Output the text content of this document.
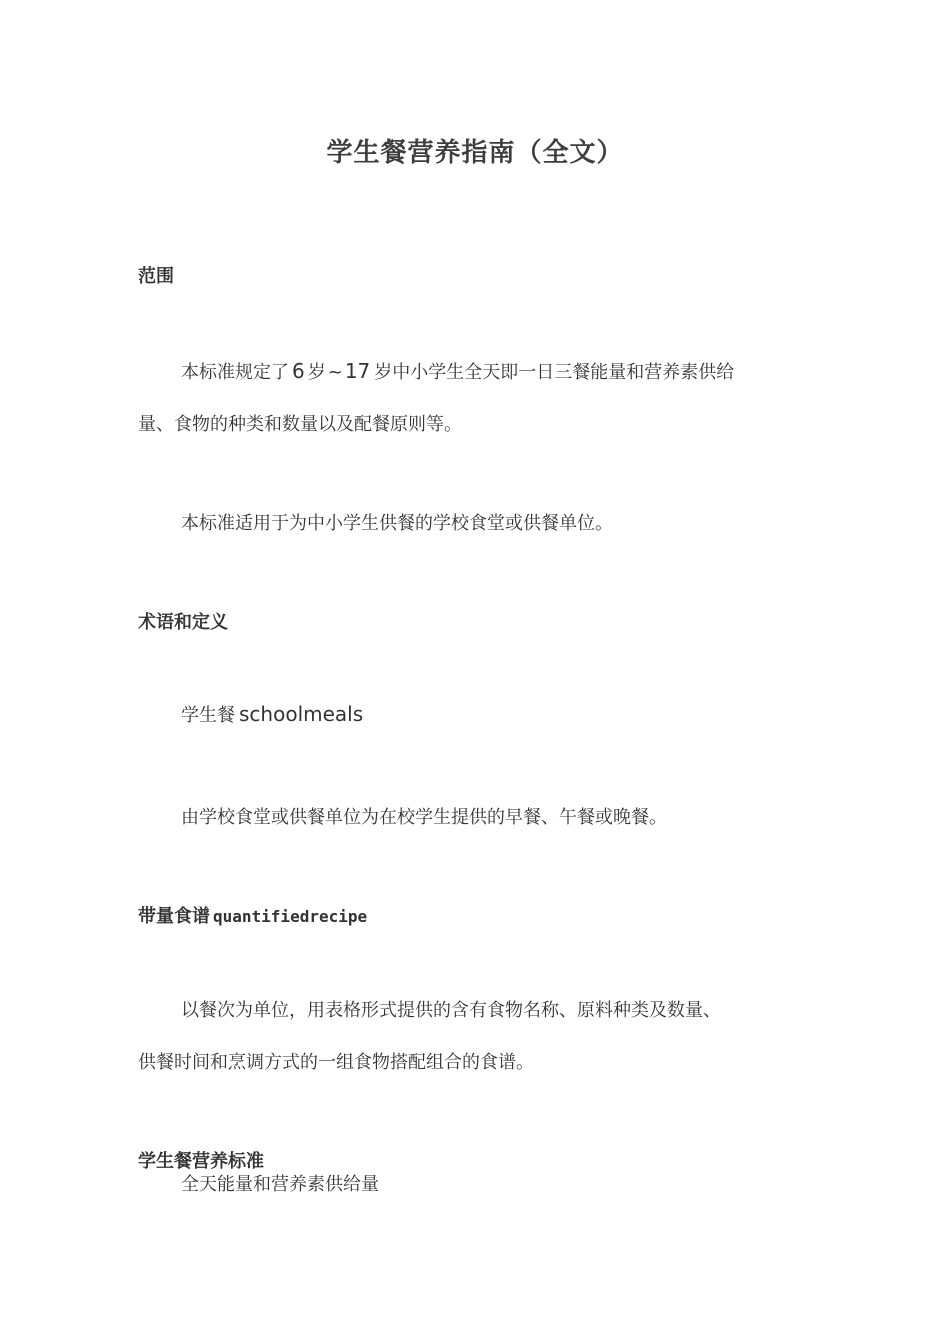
学生餐营养指南（全文）
范围
本标准规定了 6 岁 ~ 17 岁中小学生全天即一日三餐能量和营养素供给
量、食物的种类和数量以及配餐原则等。
本标准适用于为中小学生供餐的学校食堂或供餐单位。
术语和定义
学生餐 schoolmeals
由学校食堂或供餐单位为在校学生提供的早餐、午餐或晚餐。
带量食谱 quantifiedrecipe
以餐次为单位，用表格形式提供的含有食物名称、原料种类及数量、
供餐时间和烹调方式的一组食物搭配组合的食谱。
学生餐营养标准
全天能量和营养素供给量
